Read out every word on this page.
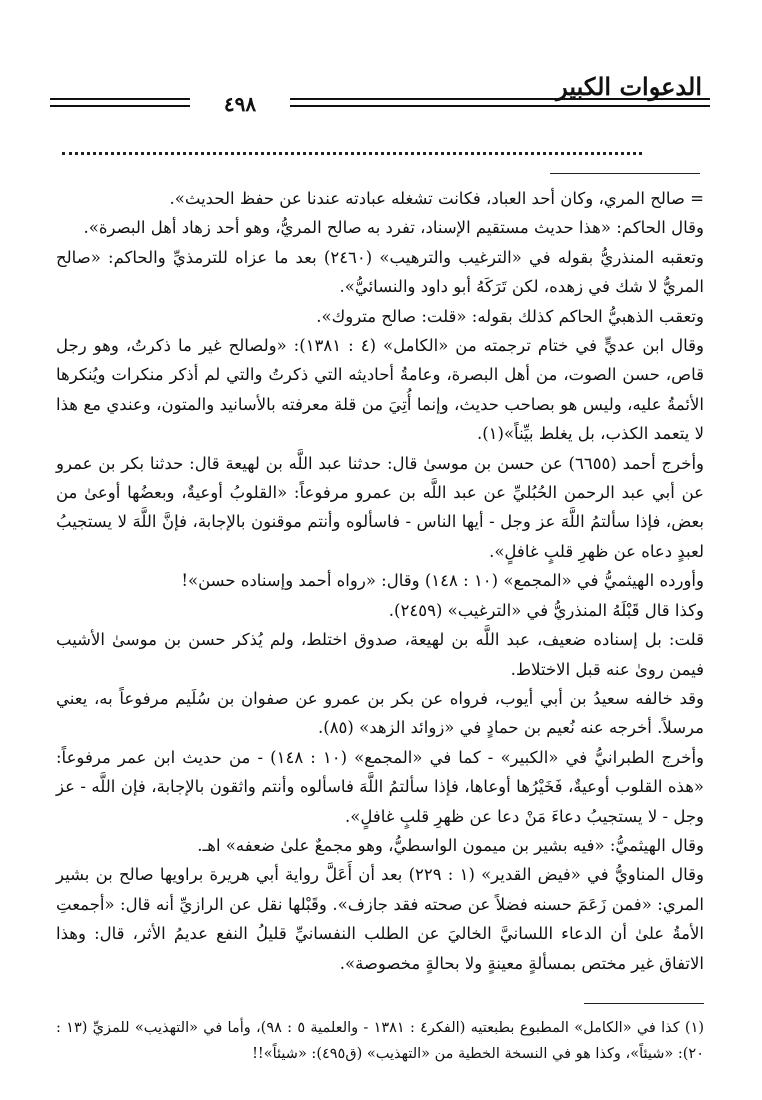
الدعوات الكبير
٤٩٨

= صالح المري، وكان أحد العباد، فكانت تشغله عبادته عندنا عن حفظ الحديث».

وقال الحاكم: «هذا حديث مستقيم الإسناد، تفرد به صالح المريُّ، وهو أحد زهاد أهل البصرة».

وتعقبه المنذريُّ بقوله في «الترغيب والترهيب» (٢٤٦٠) بعد ما عزاه للترمذيِّ والحاكم: «صالح المريُّ لا شك في زهده، لكن تَرَكَهُ أبو داود والنسائيُّ».

وتعقب الذهبيُّ الحاكم كذلك بقوله: «قلت: صالح متروك».

وقال ابن عديٍّ في ختام ترجمته من «الكامل» (٤ : ١٣٨١): «ولصالح غير ما ذكرتُ، وهو رجل قاص، حسن الصوت، من أهل البصرة، وعامةُ أحاديثه التي ذكرتُ والتي لم أذكر منكرات ويُنكرها الأئمةُ عليه، وليس هو بصاحب حديث، وإنما أُتِيَ من قلة معرفته بالأسانيد والمتون، وعندي مع هذا لا يتعمد الكذب، بل يغلط بيِّناً»(١).

وأخرج أحمد (٦٦٥٥) عن حسن بن موسىٰ قال: حدثنا عبد اللَّه بن لهيعة قال: حدثنا بكر بن عمرو عن أبي عبد الرحمن الحُبُليِّ عن عبد اللَّه بن عمرو مرفوعاً: «القلوبُ أوعيةٌ، وبعضُها أوعىٰ من بعض، فإذا سألتمُ اللَّهَ عز وجل - أيها الناس - فاسألوه وأنتم موقنون بالإجابة، فإنَّ اللَّهَ لا يستجيبُ لعبدٍ دعاه عن ظهرِ قلبٍ غافلٍ».

وأورده الهيثميُّ في «المجمع» (١٠ : ١٤٨) وقال: «رواه أحمد وإسناده حسن»!

وكذا قال قَبْلَهُ المنذريُّ في «الترغيب» (٢٤٥٩).

قلت: بل إسناده ضعيف، عبد اللَّه بن لهيعة، صدوق اختلط، ولم يُذكر حسن بن موسىٰ الأشيب فيمن روىٰ عنه قبل الاختلاط.

وقد خالفه سعيدُ بن أبي أيوب، فرواه عن بكر بن عمرو عن صفوان بن سُلَيم مرفوعاً به، يعني مرسلاً. أخرجه عنه نُعيم بن حمادٍ في «زوائد الزهد» (٨٥).

وأخرج الطبرانيُّ في «الكبير» - كما في «المجمع» (١٠ : ١٤٨) - من حديث ابن عمر مرفوعاً: «هذه القلوب أوعيةٌ، فَخَيْرُها أوعاها، فإذا سألتمُ اللَّهَ فاسألوه وأنتم واثقون بالإجابة، فإن اللَّه - عز وجل - لا يستجيبُ دعاءَ مَنْ دعا عن ظهرِ قلبٍ غافلٍ».

وقال الهيثميُّ: «فيه بشير بن ميمون الواسطيُّ، وهو مجمعٌ علىٰ ضعفه» اهـ.

وقال المناويُّ في «فيض القدير» (١ : ٢٢٩) بعد أن أَعَلَّ رواية أبي هريرة براويها صالح بن بشير المري: «فمن زَعَمَ حسنه فضلاً عن صحته فقد جازف». وقَبْلها نقل عن الرازيِّ أنه قال: «أجمعتِ الأمةُ علىٰ أن الدعاء اللسانيَّ الخاليَ عن الطلب النفسانيِّ قليلُ النفع عديمُ الأثر، قال: وهذا الاتفاق غير مختص بمسألةٍ معينةٍ ولا بحالةٍ مخصوصة».

(١) كذا في «الكامل» المطبوع بطبعتيه (الفكر٤ : ١٣٨١ - والعلمية ٥ : ٩٨)، وأما في «التهذيب» للمزيِّ (١٣ : ٢٠): «شيئاً»، وكذا هو في النسخة الخطية من «التهذيب» (ق٤٩٥): «شيئاً»!!
